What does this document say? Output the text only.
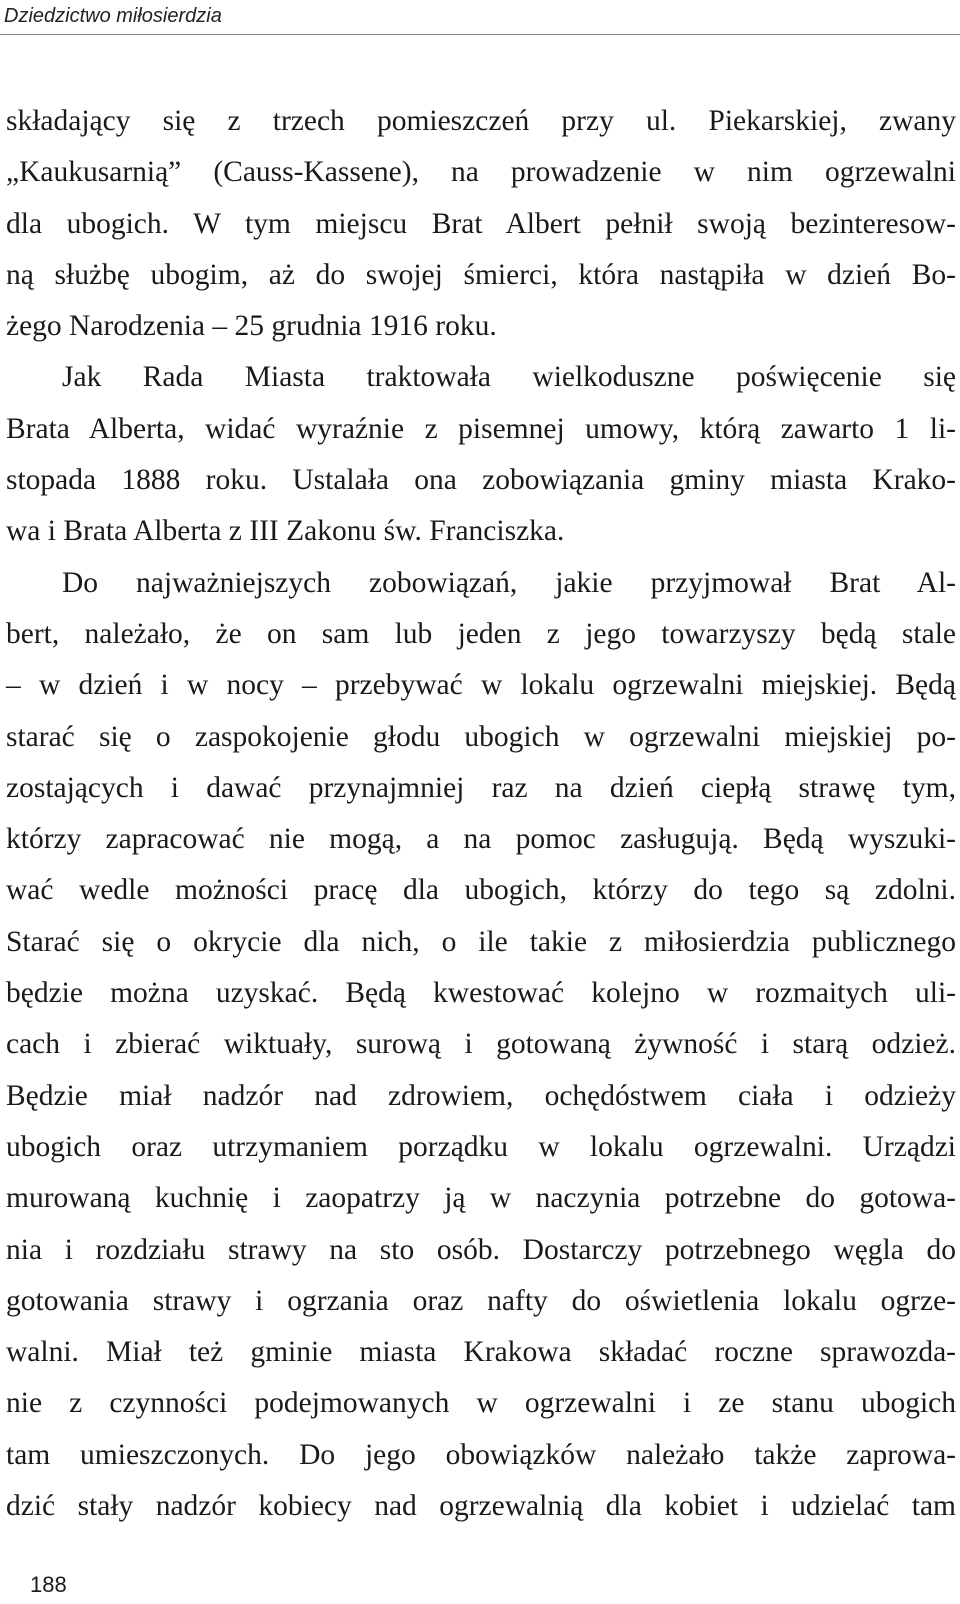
Dziedzictwo miłosierdzia
składający się z trzech pomieszczeń przy ul. Piekarskiej, zwany
„Kaukusarnią” (Causs-Kassene), na prowadzenie w nim ogrzewalni
dla ubogich. W tym miejscu Brat Albert pełnił swoją bezinteresow-
ną służbę ubogim, aż do swojej śmierci, która nastąpiła w dzień Bo-
żego Narodzenia – 25 grudnia 1916 roku.
Jak Rada Miasta traktowała wielkoduszne poświęcenie się
Brata Alberta, widać wyraźnie z pisemnej umowy, którą zawarto 1 li-
stopada 1888 roku. Ustalała ona zobowiązania gminy miasta Krako-
wa i Brata Alberta z III Zakonu św. Franciszka.
Do najważniejszych zobowiązań, jakie przyjmował Brat Al-
bert, należało, że on sam lub jeden z jego towarzyszy będą stale
– w dzień i w nocy – przebywać w lokalu ogrzewalni miejskiej. Będą
starać się o zaspokojenie głodu ubogich w ogrzewalni miejskiej po-
zostających i dawać przynajmniej raz na dzień ciepłą strawę tym,
którzy zapracować nie mogą, a na pomoc zasługują. Będą wyszuki-
wać wedle możności pracę dla ubogich, którzy do tego są zdolni.
Starać się o okrycie dla nich, o ile takie z miłosierdzia publicznego
będzie można uzyskać. Będą kwestować kolejno w rozmaitych uli-
cach i zbierać wiktuały, surową i gotowaną żywność i starą odzież.
Będzie miał nadzór nad zdrowiem, ochędóstwem ciała i odzieży
ubogich oraz utrzymaniem porządku w lokalu ogrzewalni. Urządzi
murowaną kuchnię i zaopatrzy ją w naczynia potrzebne do gotowa-
nia i rozdziału strawy na sto osób. Dostarczy potrzebnego węgla do
gotowania strawy i ogrzania oraz nafty do oświetlenia lokalu ogrze-
walni. Miał też gminie miasta Krakowa składać roczne sprawozda-
nie z czynności podejmowanych w ogrzewalni i ze stanu ubogich
tam umieszczonych. Do jego obowiązków należało także zaprowa-
dzić stały nadzór kobiecy nad ogrzewalnią dla kobiet i udzielać tam
188
